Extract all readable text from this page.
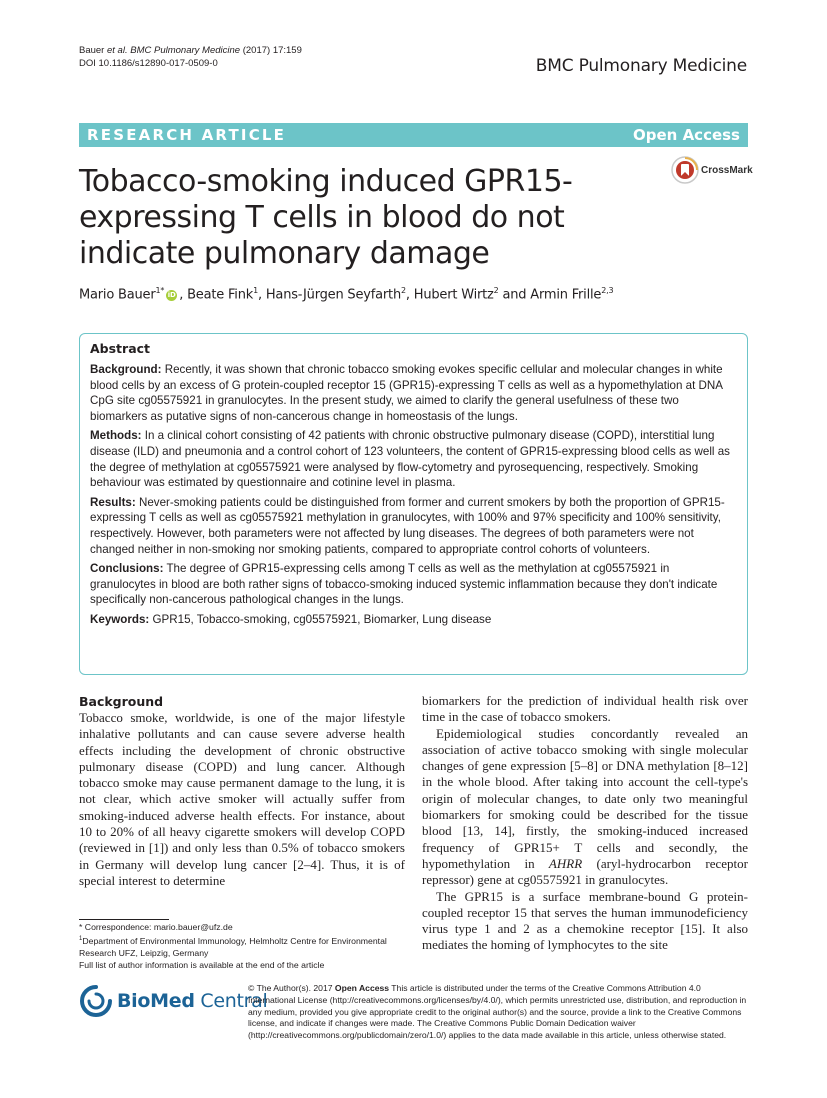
Bauer et al. BMC Pulmonary Medicine (2017) 17:159
DOI 10.1186/s12890-017-0509-0	BMC Pulmonary Medicine
RESEARCH ARTICLE	Open Access
Tobacco-smoking induced GPR15-expressing T cells in blood do not indicate pulmonary damage
CrossMark
Mario Bauer$^{1*}$iD , Beate Fink$^1$, Hans-Jürgen Seyfarth$^2$, Hubert Wirtz$^2$ and Armin Frille$^{2,3}$
Abstract

Background: Recently, it was shown that chronic tobacco smoking evokes specific cellular and molecular changes in white blood cells by an excess of G protein-coupled receptor 15 (GPR15)-expressing T cells as well as a hypomethylation at DNA CpG site cg05575921 in granulocytes. In the present study, we aimed to clarify the general usefulness of these two biomarkers as putative signs of non-cancerous change in homeostasis of the lungs.

Methods: In a clinical cohort consisting of 42 patients with chronic obstructive pulmonary disease (COPD), interstitial lung disease (ILD) and pneumonia and a control cohort of 123 volunteers, the content of GPR15-expressing blood cells as well as the degree of methylation at cg05575921 were analysed by flow-cytometry and pyrosequencing, respectively. Smoking behaviour was estimated by questionnaire and cotinine level in plasma.

Results: Never-smoking patients could be distinguished from former and current smokers by both the proportion of GPR15-expressing T cells as well as cg05575921 methylation in granulocytes, with 100% and 97% specificity and 100% sensitivity, respectively. However, both parameters were not affected by lung diseases. The degrees of both parameters were not changed neither in non-smoking nor smoking patients, compared to appropriate control cohorts of volunteers.

Conclusions: The degree of GPR15-expressing cells among T cells as well as the methylation at cg05575921 in granulocytes in blood are both rather signs of tobacco-smoking induced systemic inflammation because they don't indicate specifically non-cancerous pathological changes in the lungs.

Keywords: GPR15, Tobacco-smoking, cg05575921, Biomarker, Lung disease

Background

Tobacco smoke, worldwide, is one of the major lifestyle inhalative pollutants and can cause severe adverse health effects including the development of chronic obstructive pulmonary disease (COPD) and lung cancer. Although tobacco smoke may cause permanent damage to the lung, it is not clear, which active smoker will actually suffer from smoking-induced adverse health effects. For instance, about 10 to 20% of all heavy cigarette smokers will develop COPD (reviewed in [1]) and only less than 0.5% of tobacco smokers in Germany will develop lung cancer [2–4]. Thus, it is of special interest to determine

biomarkers for the prediction of individual health risk over time in the case of tobacco smokers.

Epidemiological studies concordantly revealed an association of active tobacco smoking with single molecular changes of gene expression [5–8] or DNA methylation [8–12] in the whole blood. After taking into account the cell-type's origin of molecular changes, to date only two meaningful biomarkers for smoking could be described for the tissue blood [13, 14], firstly, the smoking-induced increased frequency of GPR15+ T cells and secondly, the hypomethylation in AHRR (aryl-hydrocarbon receptor repressor) gene at cg05575921 in granulocytes.

The GPR15 is a surface membrane-bound G protein-coupled receptor 15 that serves the human immunodeficiency virus type 1 and 2 as a chemokine receptor [15]. It also mediates the homing of lymphocytes to the site

* Correspondence: mario.bauer@ufz.de
$^1$Department of Environmental Immunology, Helmholtz Centre for Environmental Research UFZ, Leipzig, Germany
Full list of author information is available at the end of the article
BioMed Central
© The Author(s). 2017 Open Access This article is distributed under the terms of the Creative Commons Attribution 4.0 International License (http://creativecommons.org/licenses/by/4.0/), which permits unrestricted use, distribution, and reproduction in any medium, provided you give appropriate credit to the original author(s) and the source, provide a link to the Creative Commons license, and indicate if changes were made. The Creative Commons Public Domain Dedication waiver (http://creativecommons.org/publicdomain/zero/1.0/) applies to the data made available in this article, unless otherwise stated.
